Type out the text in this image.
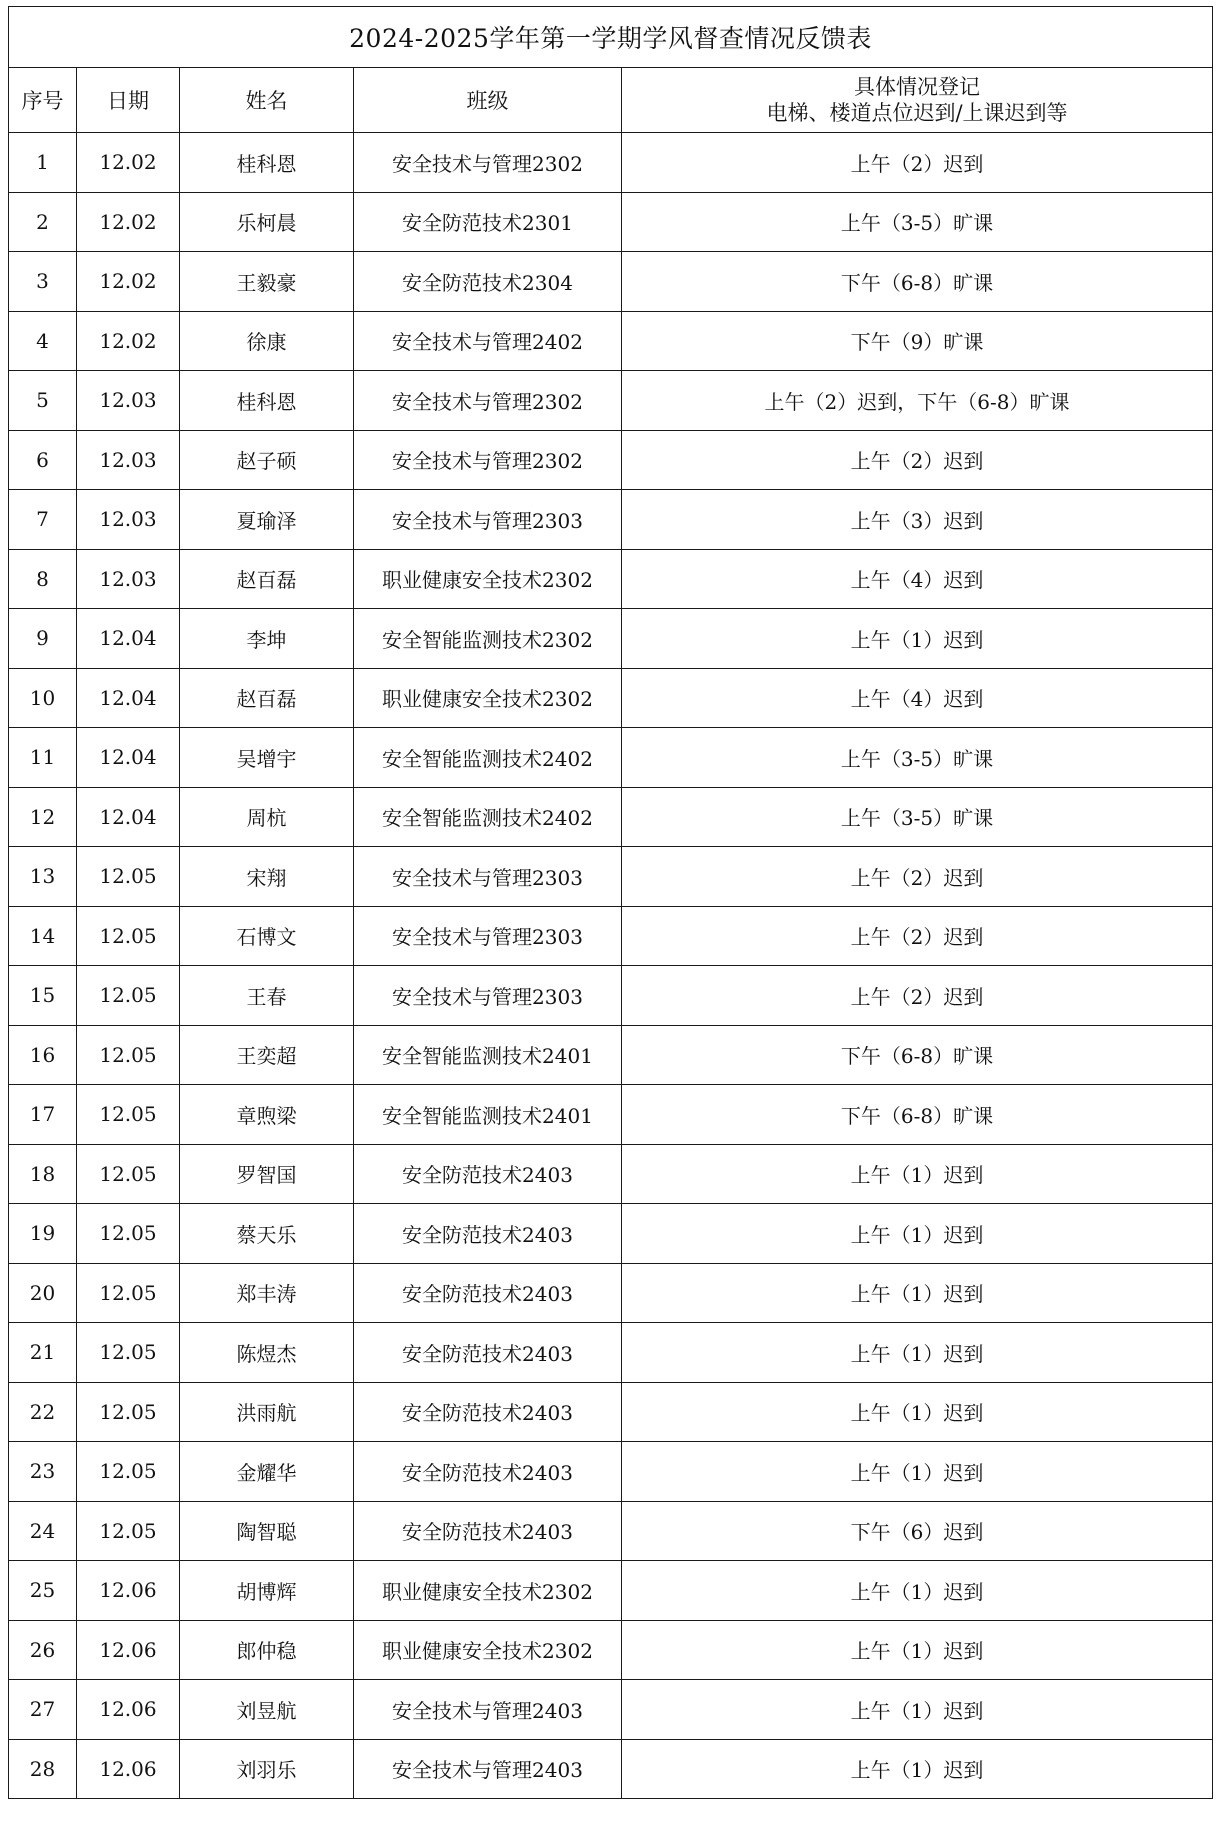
2024-2025学年第一学期学风督查情况反馈表				
序号	日期	姓名	班级	具体情况登记
电梯、楼道点位迟到/上课迟到等

1	12.02	桂科恩	安全技术与管理2302	上午（2）迟到
2	12.02	乐柯晨	安全防范技术2301	上午（3-5）旷课
3	12.02	王毅豪	安全防范技术2304	下午（6-8）旷课
4	12.02	徐康	安全技术与管理2402	下午（9）旷课
5	12.03	桂科恩	安全技术与管理2302	上午（2）迟到，下午（6-8）旷课
6	12.03	赵子硕	安全技术与管理2302	上午（2）迟到
7	12.03	夏瑜泽	安全技术与管理2303	上午（3）迟到
8	12.03	赵百磊	职业健康安全技术2302	上午（4）迟到
9	12.04	李坤	安全智能监测技术2302	上午（1）迟到
10	12.04	赵百磊	职业健康安全技术2302	上午（4）迟到
11	12.04	吴增宇	安全智能监测技术2402	上午（3-5）旷课
12	12.04	周杭	安全智能监测技术2402	上午（3-5）旷课
13	12.05	宋翔	安全技术与管理2303	上午（2）迟到
14	12.05	石博文	安全技术与管理2303	上午（2）迟到
15	12.05	王春	安全技术与管理2303	上午（2）迟到
16	12.05	王奕超	安全智能监测技术2401	下午（6-8）旷课
17	12.05	章煦梁	安全智能监测技术2401	下午（6-8）旷课
18	12.05	罗智国	安全防范技术2403	上午（1）迟到
19	12.05	蔡天乐	安全防范技术2403	上午（1）迟到
20	12.05	郑丰涛	安全防范技术2403	上午（1）迟到
21	12.05	陈煜杰	安全防范技术2403	上午（1）迟到
22	12.05	洪雨航	安全防范技术2403	上午（1）迟到
23	12.05	金耀华	安全防范技术2403	上午（1）迟到
24	12.05	陶智聪	安全防范技术2403	下午（6）迟到
25	12.06	胡博辉	职业健康安全技术2302	上午（1）迟到
26	12.06	郎仲稳	职业健康安全技术2302	上午（1）迟到
27	12.06	刘昱航	安全技术与管理2403	上午（1）迟到
28	12.06	刘羽乐	安全技术与管理2403	上午（1）迟到
